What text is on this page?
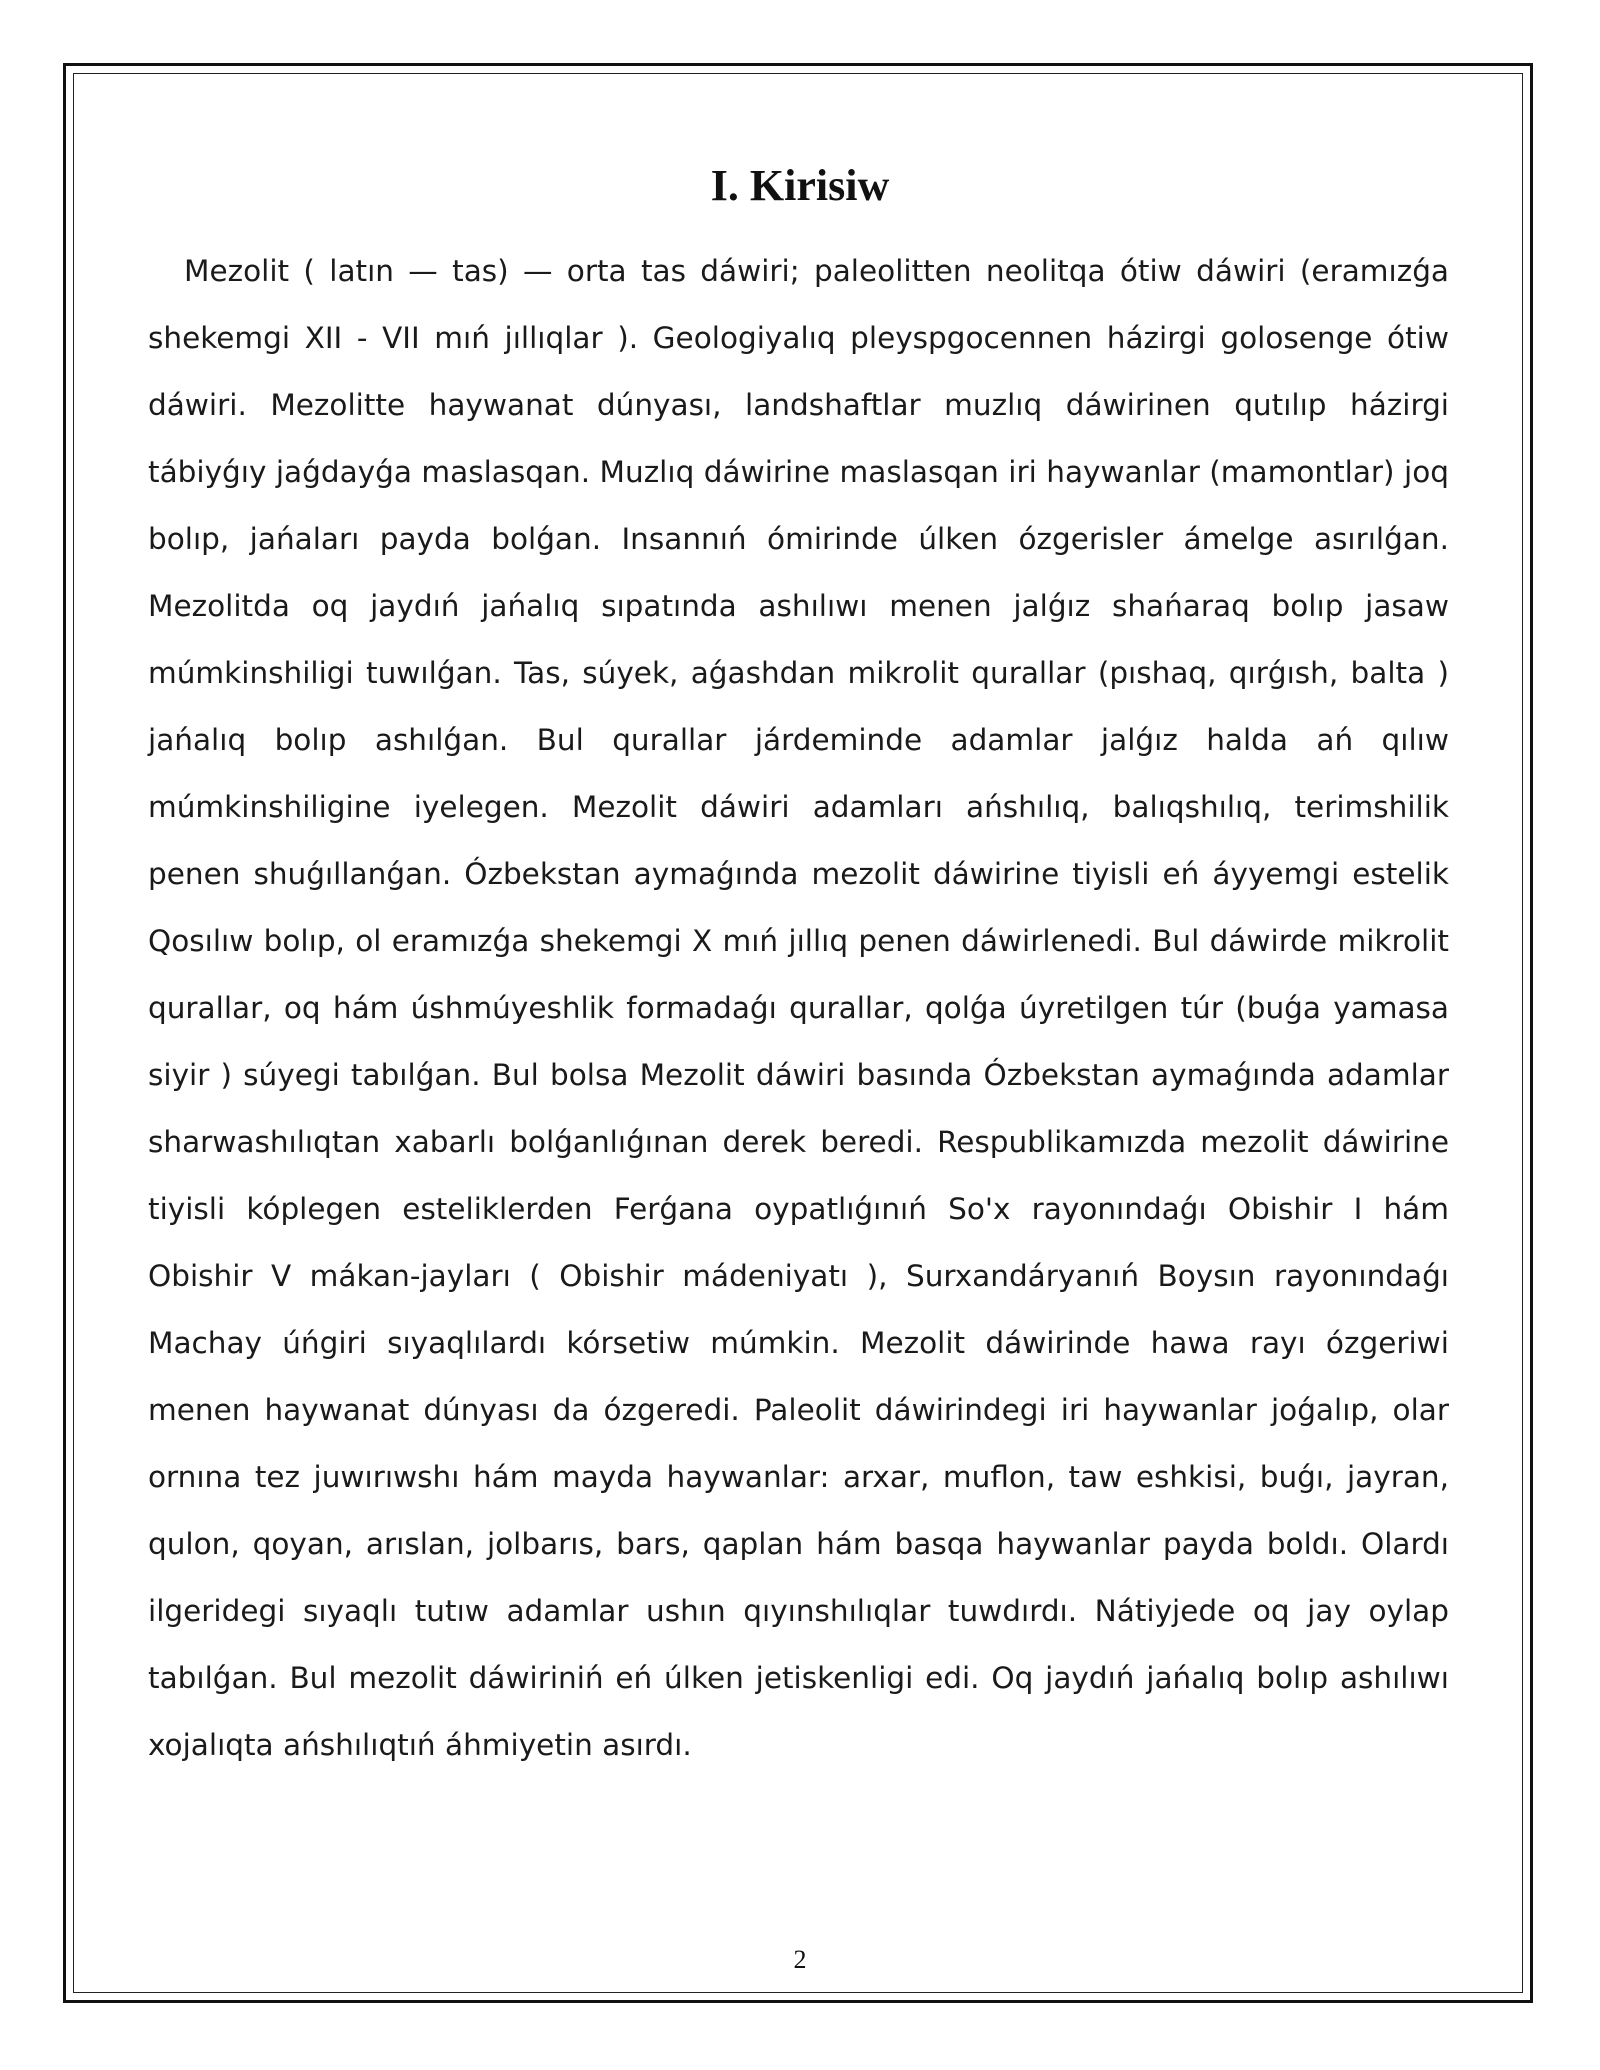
I. Kirisiw

Mezolit ( latın — tas) — orta tas dáwiri; paleolitten neolitqa ótiw dáwiri (eramızǵa shekemgi XII - VII mıń jıllıqlar ). Geologiyalıq pleyspgocennen házirgi golosenge ótiw dáwiri. Mezolitte haywanat dúnyası, landshaftlar muzlıq dáwirinen qutılıp házirgi tábiyǵıy jaǵdayǵa maslasqan. Muzlıq dáwirine maslasqan iri haywanlar (mamontlar) joq bolıp, jańaları payda bolǵan. Insannıń ómirinde úlken ózgerisler ámelge asırılǵan. Mezolitda oq jaydıń jańalıq sıpatında ashılıwı menen jalǵız shańaraq bolıp jasaw múmkinshiligi tuwılǵan. Tas, súyek, aǵashdan mikrolit qurallar (pıshaq, qırǵısh, balta ) jańalıq bolıp ashılǵan. Bul qurallar járdeminde adamlar jalǵız halda ań qılıw múmkinshiligine iyelegen. Mezolit dáwiri adamları ańshılıq, balıqshılıq, terimshilik penen shuǵıllanǵan. Ózbekstan aymaǵında mezolit dáwirine tiyisli eń áyyemgi estelik Qosılıw bolıp, ol eramızǵa shekemgi X mıń jıllıq penen dáwirlenedi. Bul dáwirde mikrolit qurallar, oq hám úshmúyeshlik formadaǵı qurallar, qolǵa úyretilgen túr (buǵa yamasa siyir ) súyegi tabılǵan. Bul bolsa Mezolit dáwiri basında Ózbekstan aymaǵında adamlar sharwashılıqtan xabarlı bolǵanlıǵınan derek beredi. Respublikamızda mezolit dáwirine tiyisli kóplegen esteliklerden Ferǵana oypatlıǵınıń So'x rayonındaǵı Obishir I hám Obishir V mákan-jayları ( Obishir mádeniyatı ), Surxandáryanıń Boysın rayonındaǵı Machay úńgiri sıyaqlılardı kórsetiw múmkin. Mezolit dáwirinde hawa rayı ózgeriwi menen haywanat dúnyası da ózgeredi. Paleolit dáwirindegi iri haywanlar joǵalıp, olar ornına tez juwırıwshı hám mayda haywanlar: arxar, muflon, taw eshkisi, buǵı, jayran, qulon, qoyan, arıslan, jolbarıs, bars, qaplan hám basqa haywanlar payda boldı. Olardı ilgeridegi sıyaqlı tutıw adamlar ushın qıyınshılıqlar tuwdırdı. Nátiyjede oq jay oylap tabılǵan. Bul mezolit dáwiriniń eń úlken jetiskenligi edi. Oq jaydıń jańalıq bolıp ashılıwı xojalıqta ańshılıqtıń áhmiyetin asırdı.

2
